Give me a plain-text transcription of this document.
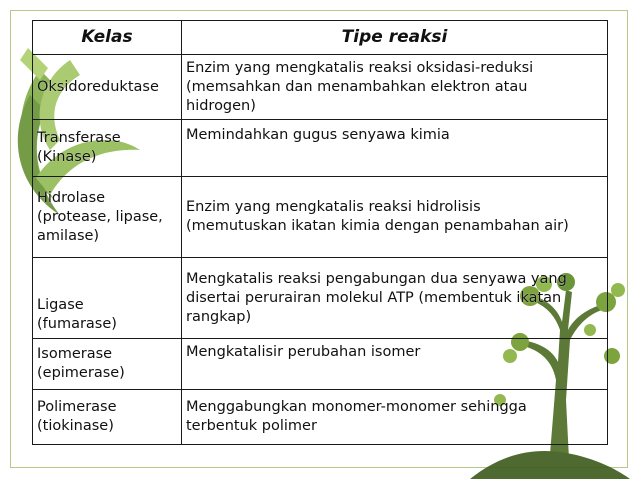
Kelas	Tipe reaksi

Oksidoreduktase	Enzim yang mengkatalis reaksi oksidasi-reduksi
(memsahkan dan menambahkan elektron atau
hidrogen)

Transferase
(Kinase)	Memindahkan gugus senyawa kimia

Hidrolase
(protease, lipase,
amilase)	Enzim yang mengkatalis reaksi hidrolisis
(memutuskan ikatan kimia dengan penambahan air)

Ligase
(fumarase)	Mengkatalis reaksi pengabungan dua senyawa yang
disertai perurairan molekul ATP (membentuk ikatan
rangkap)

Isomerase
(epimerase)	Mengkatalisir perubahan isomer

Polimerase
(tiokinase)	Menggabungkan monomer-monomer sehingga
terbentuk polimer
